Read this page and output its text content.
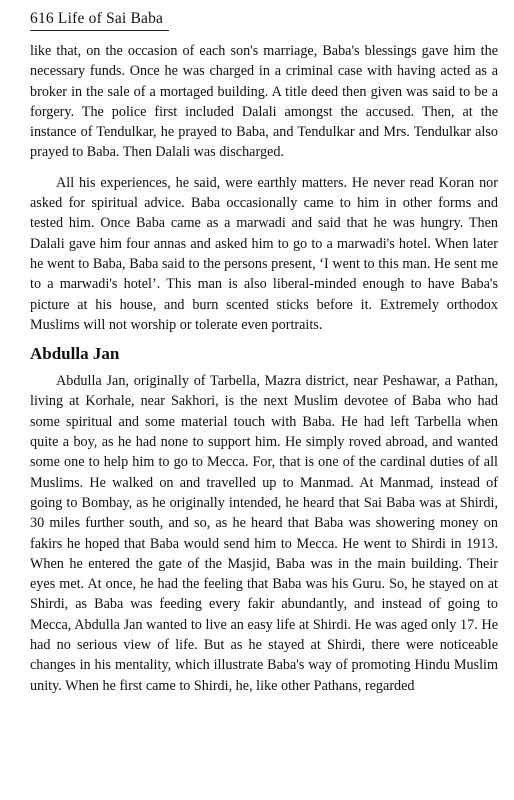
616 Life of Sai Baba

like that, on the occasion of each son's marriage, Baba's blessings gave him the necessary funds. Once he was charged in a criminal case with having acted as a broker in the sale of a mortaged building. A title deed then given was said to be a forgery. The police first included Dalali amongst the accused. Then, at the instance of Tendulkar, he prayed to Baba, and Tendulkar and Mrs. Tendulkar also prayed to Baba. Then Dalali was discharged.

All his experiences, he said, were earthly matters. He never read Koran nor asked for spiritual advice. Baba occasionally came to him in other forms and tested him. Once Baba came as a marwadi and said that he was hungry. Then Dalali gave him four annas and asked him to go to a marwadi's hotel. When later he went to Baba, Baba said to the persons present, ‘I went to this man. He sent me to a marwadi's hotel’. This man is also liberal-minded enough to have Baba's picture at his house, and burn scented sticks before it. Extremely orthodox Muslims will not worship or tolerate even portraits.

Abdulla Jan

Abdulla Jan, originally of Tarbella, Mazra district, near Peshawar, a Pathan, living at Korhale, near Sakhori, is the next Muslim devotee of Baba who had some spiritual and some material touch with Baba. He had left Tarbella when quite a boy, as he had none to support him. He simply roved abroad, and wanted some one to help him to go to Mecca. For, that is one of the cardinal duties of all Muslims. He walked on and travelled up to Manmad. At Manmad, instead of going to Bombay, as he originally intended, he heard that Sai Baba was at Shirdi, 30 miles further south, and so, as he heard that Baba was showering money on fakirs he hoped that Baba would send him to Mecca. He went to Shirdi in 1913. When he entered the gate of the Masjid, Baba was in the main building. Their eyes met. At once, he had the feeling that Baba was his Guru. So, he stayed on at Shirdi, as Baba was feeding every fakir abundantly, and instead of going to Mecca, Abdulla Jan wanted to live an easy life at Shirdi. He was aged only 17. He had no serious view of life. But as he stayed at Shirdi, there were noticeable changes in his mentality, which illustrate Baba's way of promoting Hindu Muslim unity. When he first came to Shirdi, he, like other Pathans, regarded
